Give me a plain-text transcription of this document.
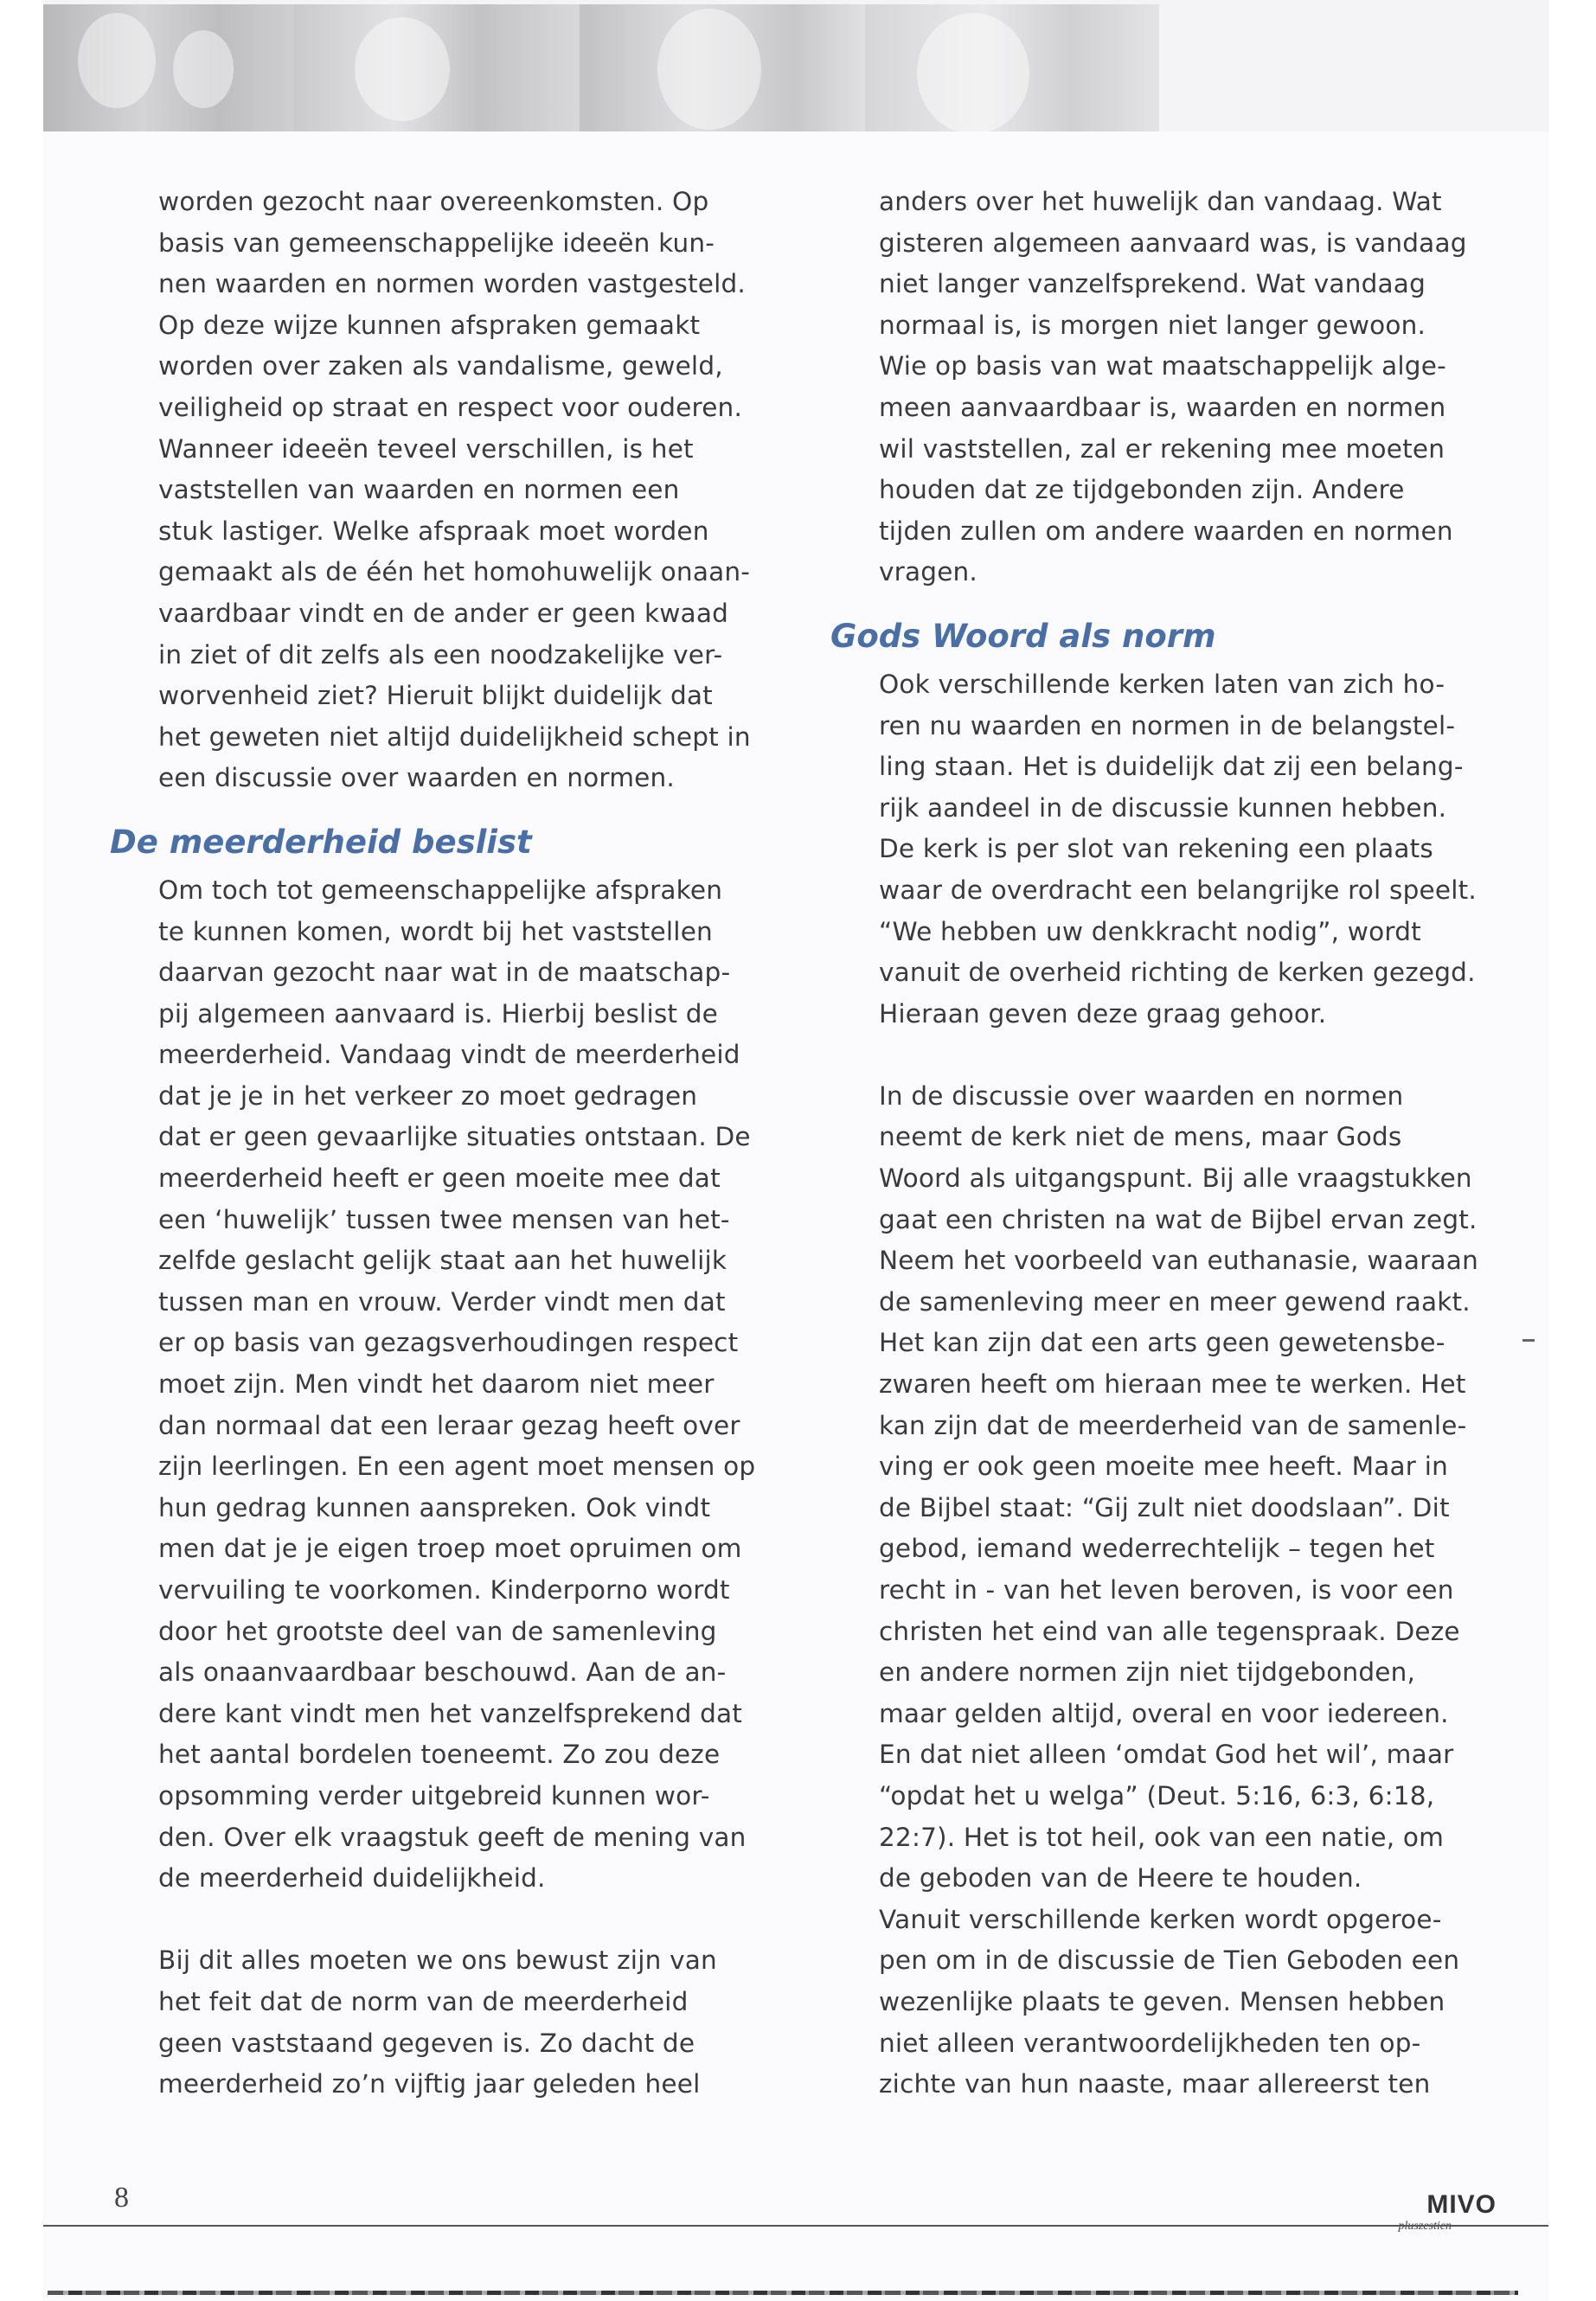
worden gezocht naar overeenkomsten. Op
basis van gemeenschappelijke ideeën kun-
nen waarden en normen worden vastgesteld.
Op deze wijze kunnen afspraken gemaakt
worden over zaken als vandalisme, geweld,
veiligheid op straat en respect voor ouderen.
Wanneer ideeën teveel verschillen, is het
vaststellen van waarden en normen een
stuk lastiger. Welke afspraak moet worden
gemaakt als de één het homohuwelijk onaan-
vaardbaar vindt en de ander er geen kwaad
in ziet of dit zelfs als een noodzakelijke ver-
worvenheid ziet? Hieruit blijkt duidelijk dat
het geweten niet altijd duidelijkheid schept in
een discussie over waarden en normen.
De meerderheid beslist
Om toch tot gemeenschappelijke afspraken
te kunnen komen, wordt bij het vaststellen
daarvan gezocht naar wat in de maatschap-
pij algemeen aanvaard is. Hierbij beslist de
meerderheid. Vandaag vindt de meerderheid
dat je je in het verkeer zo moet gedragen
dat er geen gevaarlijke situaties ontstaan. De
meerderheid heeft er geen moeite mee dat
een ‘huwelijk’ tussen twee mensen van het-
zelfde geslacht gelijk staat aan het huwelijk
tussen man en vrouw. Verder vindt men dat
er op basis van gezagsverhoudingen respect
moet zijn. Men vindt het daarom niet meer
dan normaal dat een leraar gezag heeft over
zijn leerlingen. En een agent moet mensen op
hun gedrag kunnen aanspreken. Ook vindt
men dat je je eigen troep moet opruimen om
vervuiling te voorkomen. Kinderporno wordt
door het grootste deel van de samenleving
als onaanvaardbaar beschouwd. Aan de an-
dere kant vindt men het vanzelfsprekend dat
het aantal bordelen toeneemt. Zo zou deze
opsomming verder uitgebreid kunnen wor-
den. Over elk vraagstuk geeft de mening van
de meerderheid duidelijkheid.
Bij dit alles moeten we ons bewust zijn van
het feit dat de norm van de meerderheid
geen vaststaand gegeven is. Zo dacht de
meerderheid zo’n vijftig jaar geleden heel
anders over het huwelijk dan vandaag. Wat
gisteren algemeen aanvaard was, is vandaag
niet langer vanzelfsprekend. Wat vandaag
normaal is, is morgen niet langer gewoon.
Wie op basis van wat maatschappelijk alge-
meen aanvaardbaar is, waarden en normen
wil vaststellen, zal er rekening mee moeten
houden dat ze tijdgebonden zijn. Andere
tijden zullen om andere waarden en normen
vragen.
Gods Woord als norm
Ook verschillende kerken laten van zich ho-
ren nu waarden en normen in de belangstel-
ling staan. Het is duidelijk dat zij een belang-
rijk aandeel in de discussie kunnen hebben.
De kerk is per slot van rekening een plaats
waar de overdracht een belangrijke rol speelt.
“We hebben uw denkkracht nodig”, wordt
vanuit de overheid richting de kerken gezegd.
Hieraan geven deze graag gehoor.
In de discussie over waarden en normen
neemt de kerk niet de mens, maar Gods
Woord als uitgangspunt. Bij alle vraagstukken
gaat een christen na wat de Bijbel ervan zegt.
Neem het voorbeeld van euthanasie, waaraan
de samenleving meer en meer gewend raakt.
Het kan zijn dat een arts geen gewetensbe-
zwaren heeft om hieraan mee te werken. Het
kan zijn dat de meerderheid van de samenle-
ving er ook geen moeite mee heeft. Maar in
de Bijbel staat: “Gij zult niet doodslaan”. Dit
gebod, iemand wederrechtelijk – tegen het
recht in - van het leven beroven, is voor een
christen het eind van alle tegenspraak. Deze
en andere normen zijn niet tijdgebonden,
maar gelden altijd, overal en voor iedereen.
En dat niet alleen ‘omdat God het wil’, maar
“opdat het u welga” (Deut. 5:16, 6:3, 6:18,
22:7). Het is tot heil, ook van een natie, om
de geboden van de Heere te houden.
Vanuit verschillende kerken wordt opgeroe-
pen om in de discussie de Tien Geboden een
wezenlijke plaats te geven. Mensen hebben
niet alleen verantwoordelijkheden ten op-
zichte van hun naaste, maar allereerst ten
8	MIVO
